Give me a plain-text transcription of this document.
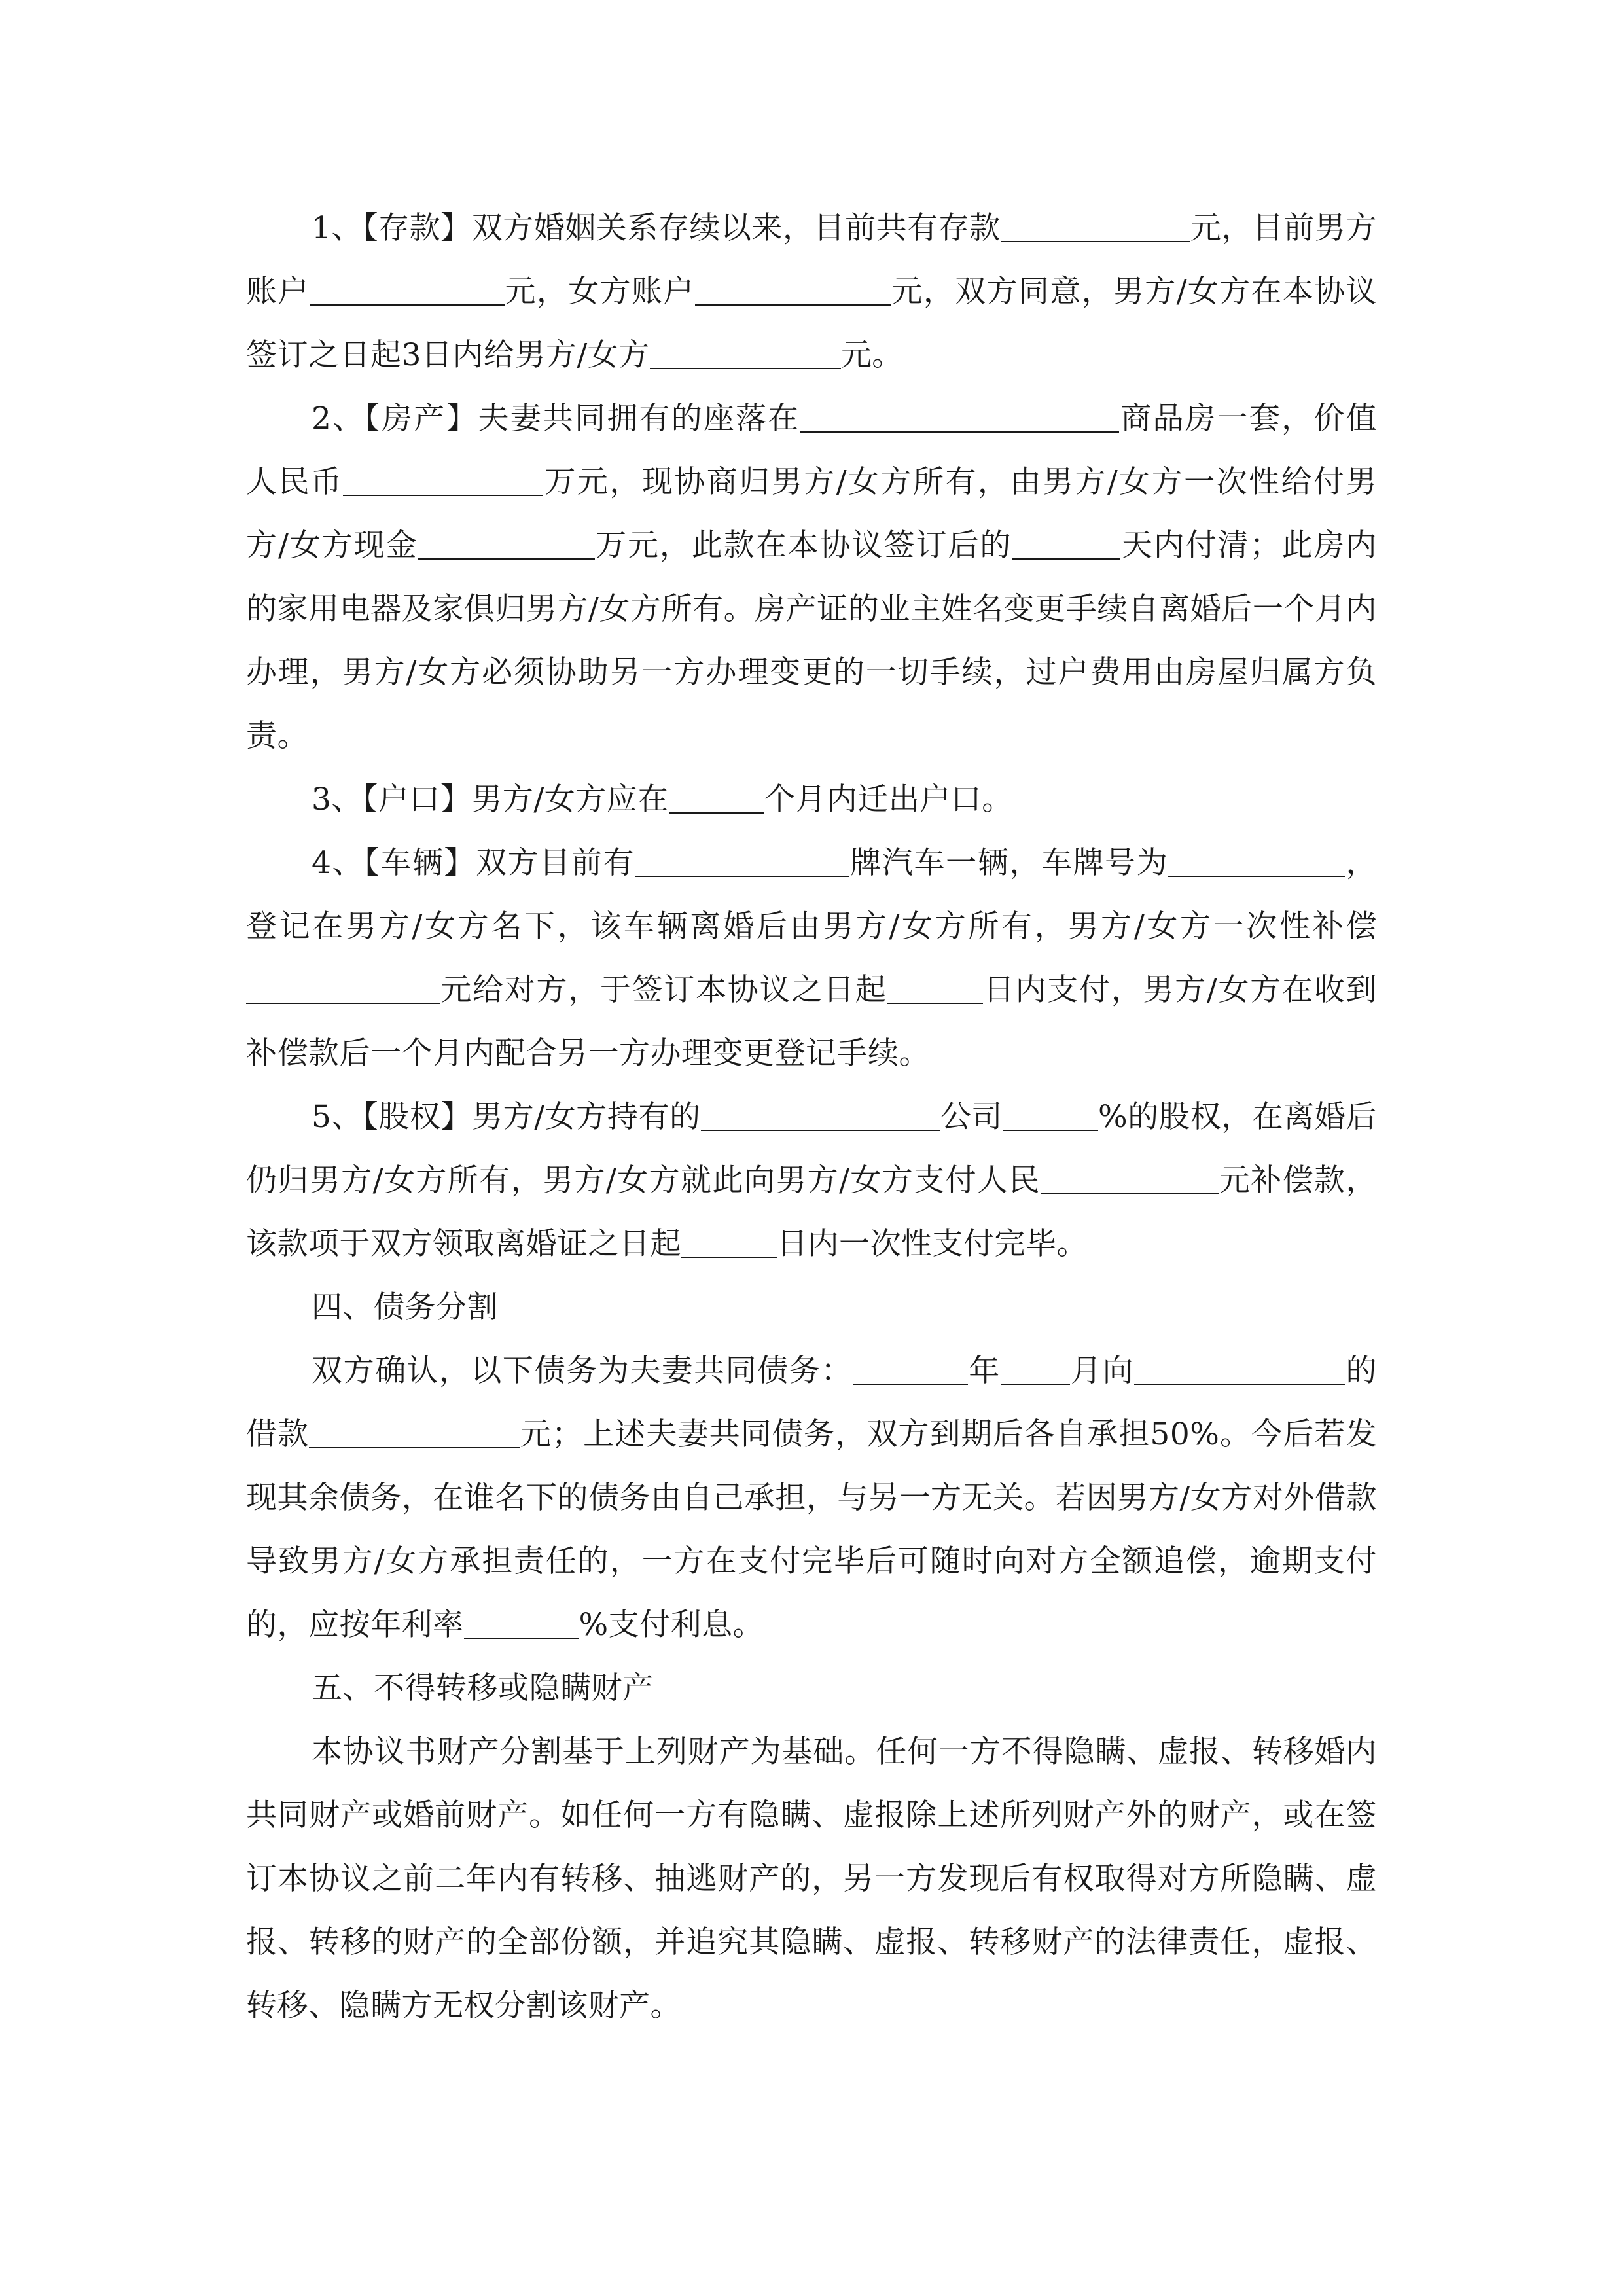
1、【存款】双方婚姻关系存续以来，目前共有存款	元，目前男方账户	元，女方账户	元，双方同意，男方/女方在本协议签订之日起3日内给男方/女方	元。

2、【房产】夫妻共同拥有的座落在	商品房一套，价值人民币	万元，现协商归男方/女方所有，由男方/女方一次性给付男方/女方现金	万元，此款在本协议签订后的	天内付清；此房内的家用电器及家俱归男方/女方所有。房产证的业主姓名变更手续自离婚后一个月内办理，男方/女方必须协助另一方办理变更的一切手续，过户费用由房屋归属方负责。

3、【户口】男方/女方应在	个月内迁出户口。

4、【车辆】双方目前有	牌汽车一辆，车牌号为	，登记在男方/女方名下，该车辆离婚后由男方/女方所有，男方/女方一次性补偿元给对方，于签订本协议之日起	日内支付，男方/女方在收到补偿款后一个月内配合另一方办理变更登记手续。

5、【股权】男方/女方持有的	公司	%的股权，在离婚后仍归男方/女方所有，男方/女方就此向男方/女方支付人民	元补偿款，该款项于双方领取离婚证之日起	日内一次性支付完毕。

四、债务分割

双方确认，以下债务为夫妻共同债务：	年 月向	的借款	元；上述夫妻共同债务，双方到期后各自承担50%。今后若发现其余债务，在谁名下的债务由自己承担，与另一方无关。若因男方/女方对外借款导致男方/女方承担责任的，一方在支付完毕后可随时向对方全额追偿，逾期支付的，应按年利率	%支付利息。

五、不得转移或隐瞒财产

本协议书财产分割基于上列财产为基础。任何一方不得隐瞒、虚报、转移婚内共同财产或婚前财产。如任何一方有隐瞒、虚报除上述所列财产外的财产，或在签订本协议之前二年内有转移、抽逃财产的，另一方发现后有权取得对方所隐瞒、虚报、转移的财产的全部份额，并追究其隐瞒、虚报、转移财产的法律责任，虚报、转移、隐瞒方无权分割该财产。
